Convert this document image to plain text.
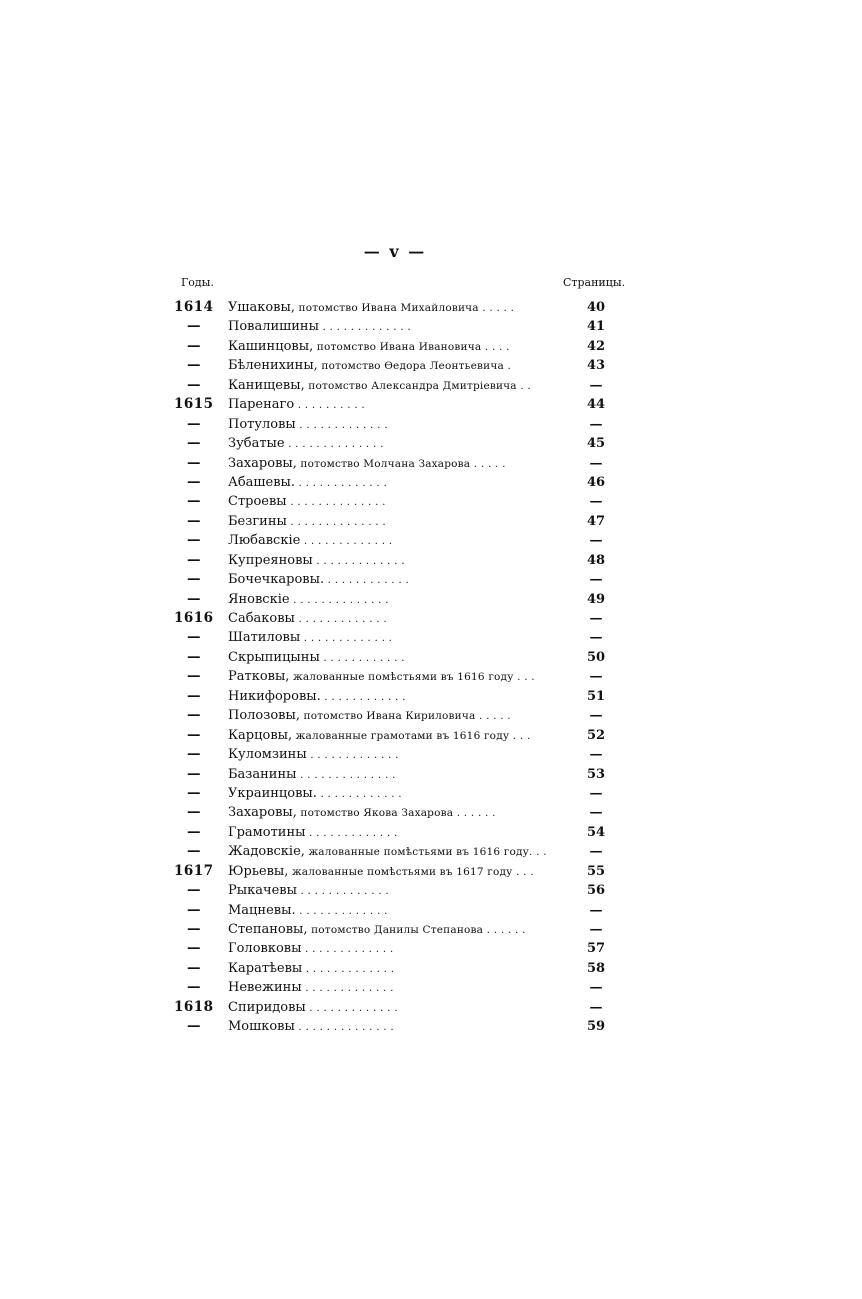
— v —
Годы.	Страницы.
1614 Ушаковы, потомство Ивана Михайловича . . . . .	40
—	Повалишины . . . . . . . . . . . . .	41
—	Кашинцовы, потомство Ивана Ивановича . . . .	42
—	Бѣленихины, потомство Өедора Леонтьевича .	43
—	Канищевы, потомство Александра Дмитріевича . .	—
1615 Паренаго . . . . . . . . . .	44
—	Потуловы . . . . . . . . . . . . .	—
—	Зубатые . . . . . . . . . . . . . .	45
—	Захаровы, потомство Молчана Захарова . . . . .	—
—	Абашевы. . . . . . . . . . . . . .	46
—	Строевы . . . . . . . . . . . . . .	—
—	Безгины . . . . . . . . . . . . . .	47
—	Любавскіе . . . . . . . . . . . . .	—
—	Купреяновы . . . . . . . . . . . . .	48
—	Бочечкаровы. . . . . . . . . . . . .	—
—	Яновскіе . . . . . . . . . . . . . .	49
1616 Сабаковы . . . . . . . . . . . . .	—
—	Шатиловы . . . . . . . . . . . . .	—
—	Скрыпицыны . . . . . . . . . . . .	50
—	Ратковы, жалованные помѣстьями въ 1616 году . . .	—
—	Никифоровы. . . . . . . . . . . . .	51
—	Полозовы, потомство Ивана Кириловича . . . . .	—
—	Карцовы, жалованные грамотами въ 1616 году . . .	52
—	Куломзины . . . . . . . . . . . . .	—
—	Базанины . . . . . . . . . . . . . .	53
—	Украинцовы. . . . . . . . . . . . .	—
—	Захаровы, потомство Якова Захарова . . . . . .	—
—	Грамотины . . . . . . . . . . . . .	54
—	Жадовскіе, жалованные помѣстьями въ 1616 году. . .	—
1617 Юрьевы, жалованные помѣстьями въ 1617 году . . .	55
—	Рыкачевы . . . . . . . . . . . . .	56
—	Мацневы. . . . . . . . . . . . . .	—
—	Степановы, потомство Данилы Степанова . . . . . .	—
—	Головковы . . . . . . . . . . . . .	57
—	Каратѣевы . . . . . . . . . . . . .	58
—	Невежины . . . . . . . . . . . . .	—
1618 Спиридовы . . . . . . . . . . . . .	—
—	Мошковы . . . . . . . . . . . . . .	59
